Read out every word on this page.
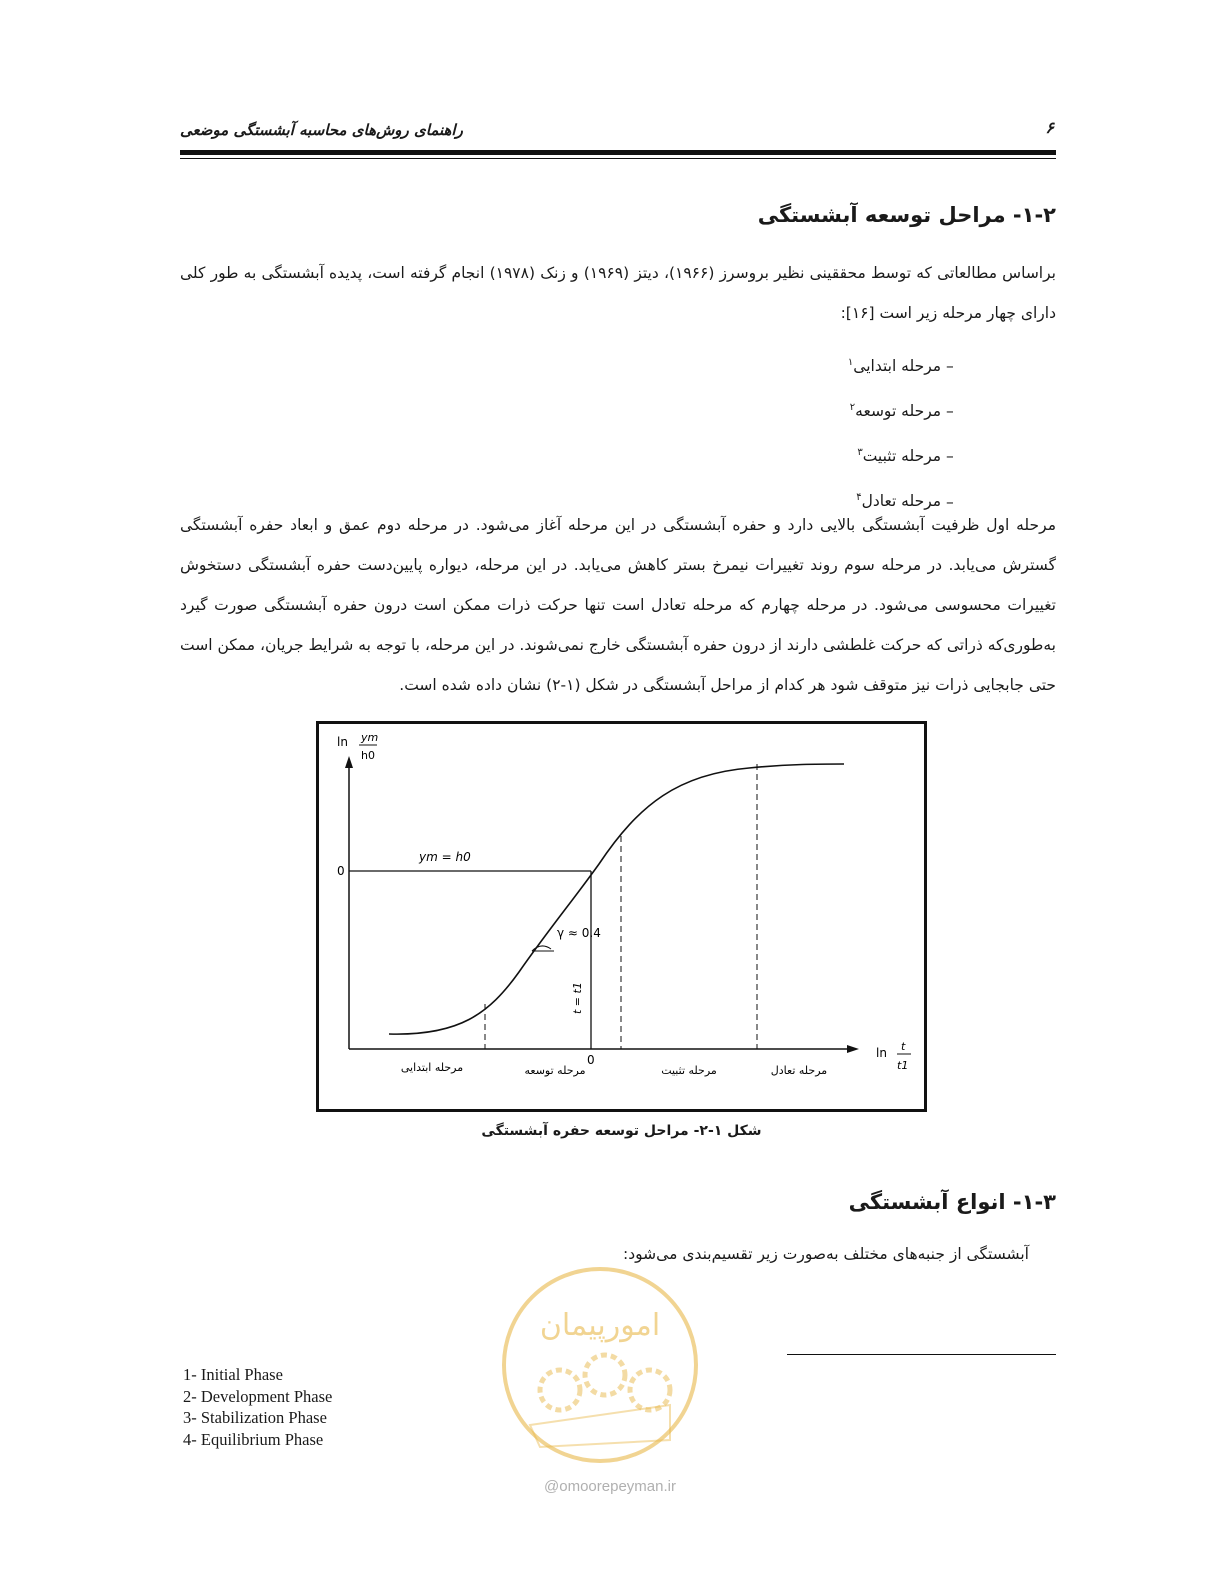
راهنمای روش‌های محاسبه آبشستگی موضعی	۶
۱-۲- مراحل توسعه آبشستگی
براساس مطالعاتی که توسط محققینی نظیر بروسرز (۱۹۶۶)، دیتز (۱۹۶۹) و زنک (۱۹۷۸) انجام گرفته است، پدیده آبشستگی به طور کلی دارای چهار مرحله زیر است [۱۶]:
– مرحله ابتدایی$^۱$
– مرحله توسعه$^۲$
– مرحله تثبیت$^۳$
– مرحله تعادل$^۴$
مرحله اول ظرفیت آبشستگی بالایی دارد و حفره آبشستگی در این مرحله آغاز می‌شود. در مرحله دوم عمق و ابعاد حفره آبشستگی گسترش می‌یابد. در مرحله سوم روند تغییرات نیمرخ بستر کاهش می‌یابد. در این مرحله، دیواره پایین‌دست حفره آبشستگی دستخوش تغییرات محسوسی می‌شود. در مرحله چهارم که مرحله تعادل است تنها حرکت ذرات ممکن است درون حفره آبشستگی صورت گیرد به‌طوری‌که ذراتی که حرکت غلطشی دارند از درون حفره آبشستگی خارج نمی‌شوند. در این مرحله، با توجه به شرایط جریان، ممکن است حتی جابجایی ذرات نیز متوقف شود هر کدام از مراحل آبشستگی در شکل (۱-۲) نشان داده شده است.
ln ym
h0
ln t
t1
0
0
ym = h0
γ ≈ 0.4
t = t1
مرحله ابتدایی	مرحله توسعه	مرحله تثبیت	مرحله تعادل
شکل ۱-۲- مراحل توسعه حفره آبشستگی
۱-۳- انواع آبشستگی
آبشستگی از جنبه‌های مختلف به‌صورت زیر تقسیم‌بندی می‌شود:
امورپیمان
@omoorepeyman.ir
1- Initial Phase
2- Development Phase
3- Stabilization Phase
4- Equilibrium Phase
